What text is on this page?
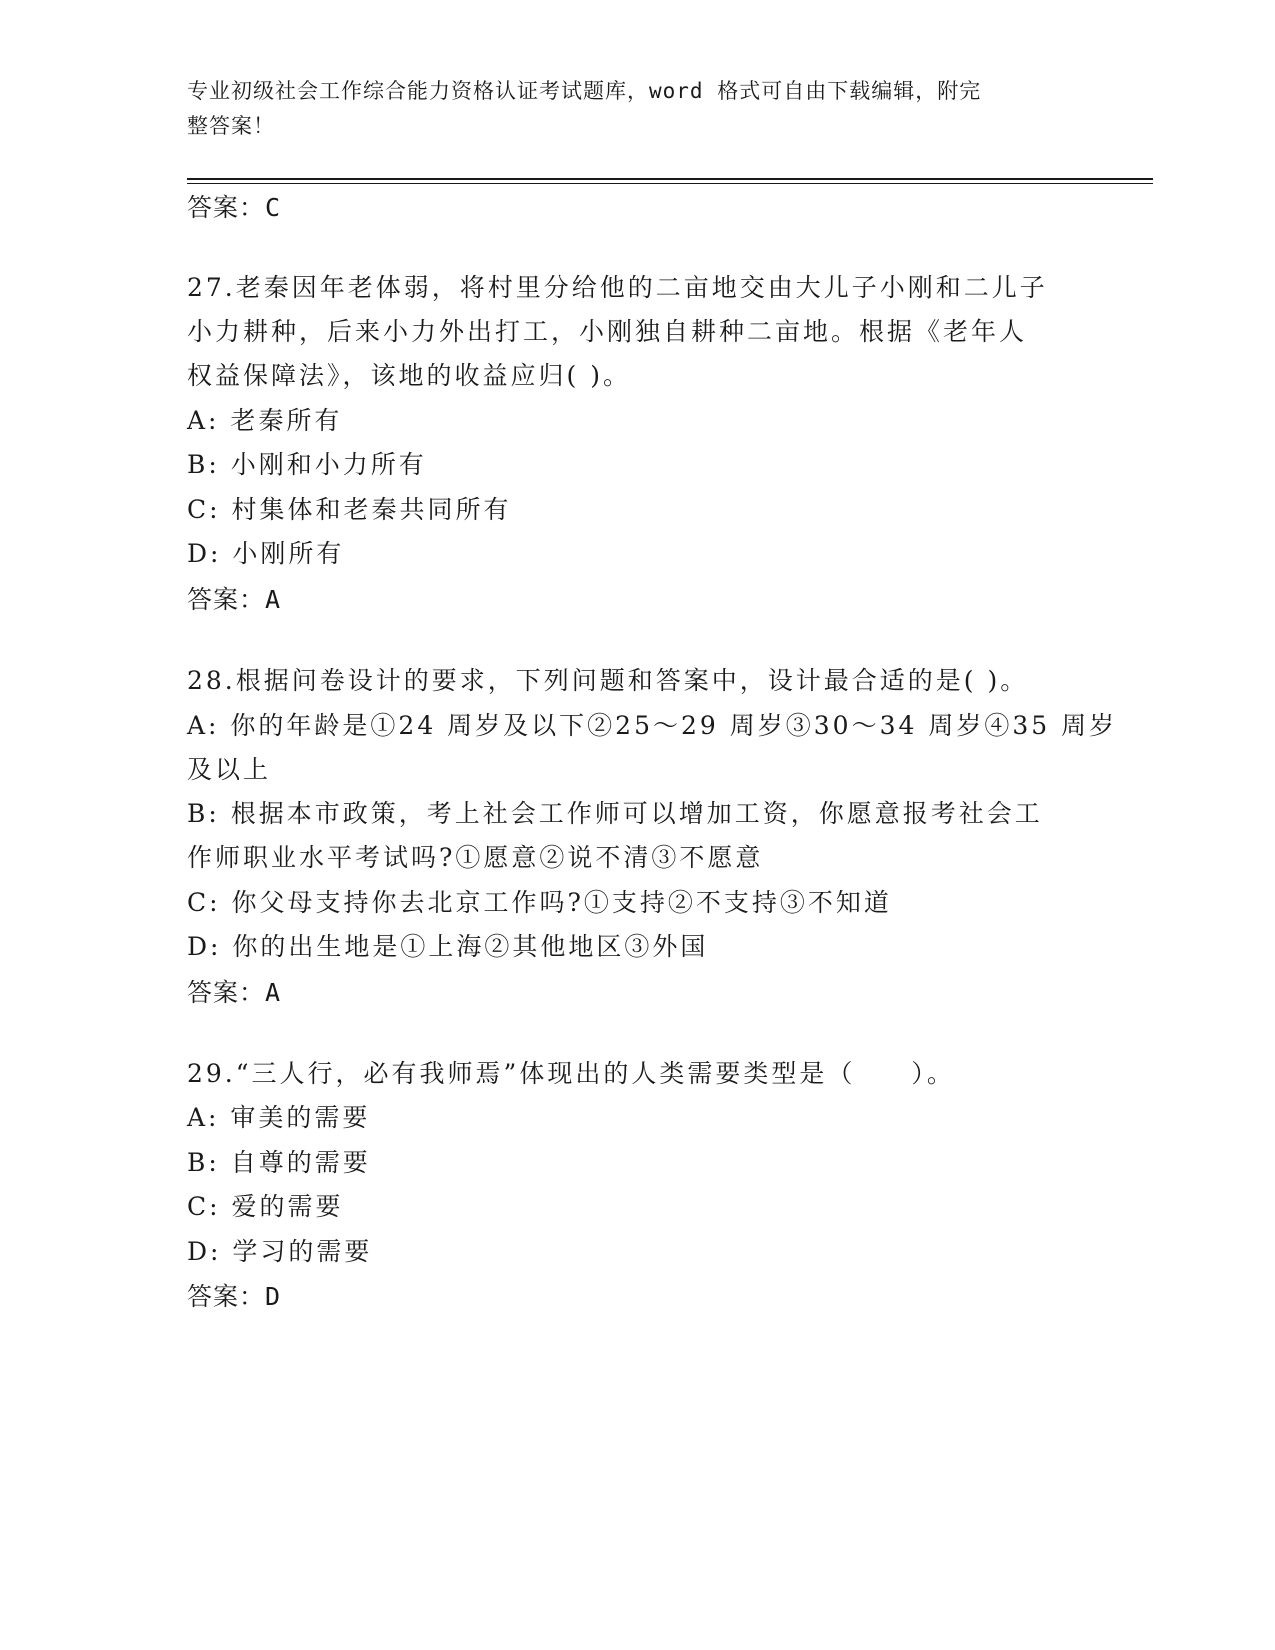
专业初级社会工作综合能力资格认证考试题库，word 格式可自由下载编辑，附完
整答案！
答案：C
27.老秦因年老体弱，将村里分给他的二亩地交由大儿子小刚和二儿子
小力耕种，后来小力外出打工，小刚独自耕种二亩地。根据《老年人
权益保障法》，该地的收益应归( )。
A: 老秦所有
B: 小刚和小力所有
C: 村集体和老秦共同所有
D: 小刚所有
答案：A
28.根据问卷设计的要求，下列问题和答案中，设计最合适的是( )。
A: 你的年龄是①24 周岁及以下②25～29 周岁③30～34 周岁④35 周岁
及以上
B: 根据本市政策，考上社会工作师可以增加工资，你愿意报考社会工
作师职业水平考试吗?①愿意②说不清③不愿意
C: 你父母支持你去北京工作吗?①支持②不支持③不知道
D: 你的出生地是①上海②其他地区③外国
答案：A
29.“三人行，必有我师焉”体现出的人类需要类型是（　　）。
A: 审美的需要
B: 自尊的需要
C: 爱的需要
D: 学习的需要
答案：D
